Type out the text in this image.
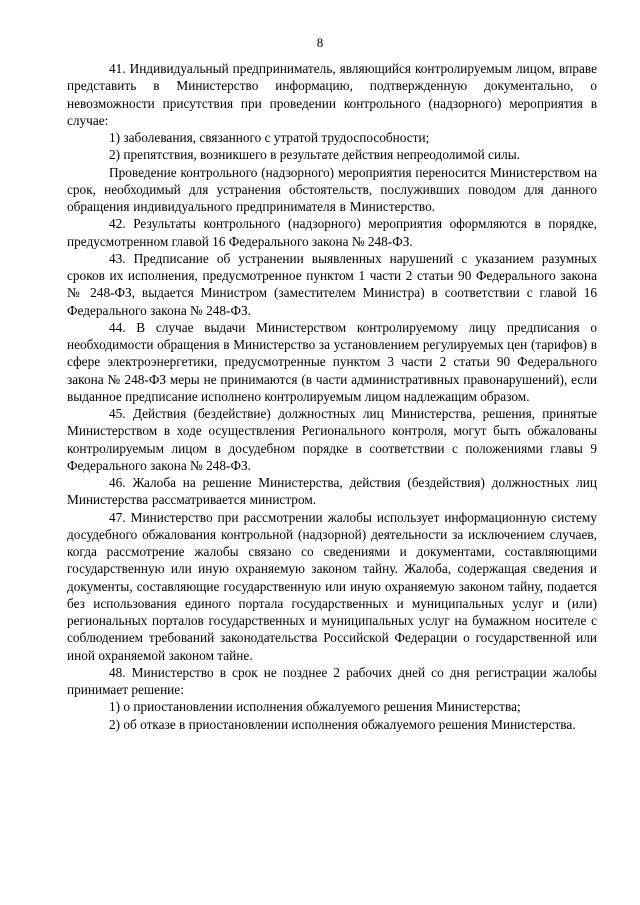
8

41. Индивидуальный предприниматель, являющийся контролируемым лицом, вправе представить в Министерство информацию, подтвержденную документально, о невозможности присутствия при проведении контрольного (надзорного) мероприятия в случае:

1) заболевания, связанного с утратой трудоспособности;

2) препятствия, возникшего в результате действия непреодолимой силы.

Проведение контрольного (надзорного) мероприятия переносится Министерством на срок, необходимый для устранения обстоятельств, послуживших поводом для данного обращения индивидуального предпринимателя в Министерство.

42. Результаты контрольного (надзорного) мероприятия оформляются в порядке, предусмотренном главой 16 Федерального закона № 248-ФЗ.

43. Предписание об устранении выявленных нарушений с указанием разумных сроков их исполнения, предусмотренное пунктом 1 части 2 статьи 90 Федерального закона № 248-ФЗ, выдается Министром (заместителем Министра) в соответствии с главой 16 Федерального закона № 248-ФЗ.

44. В случае выдачи Министерством контролируемому лицу предписания о необходимости обращения в Министерство за установлением регулируемых цен (тарифов) в сфере электроэнергетики, предусмотренные пунктом 3 части 2 статьи 90 Федерального закона № 248-ФЗ меры не принимаются (в части административных правонарушений), если выданное предписание исполнено контролируемым лицом надлежащим образом.

45. Действия (бездействие) должностных лиц Министерства, решения, принятые Министерством в ходе осуществления Регионального контроля, могут быть обжалованы контролируемым лицом в досудебном порядке в соответствии с положениями главы 9 Федерального закона № 248-ФЗ.

46. Жалоба на решение Министерства, действия (бездействия) должностных лиц Министерства рассматривается министром.

47. Министерство при рассмотрении жалобы использует информационную систему досудебного обжалования контрольной (надзорной) деятельности за исключением случаев, когда рассмотрение жалобы связано со сведениями и документами, составляющими государственную или иную охраняемую законом тайну. Жалоба, содержащая сведения и документы, составляющие государственную или иную охраняемую законом тайну, подается без использования единого портала государственных и муниципальных услуг и (или) региональных порталов государственных и муниципальных услуг на бумажном носителе с соблюдением требований законодательства Российской Федерации о государственной или иной охраняемой законом тайне.

48. Министерство в срок не позднее 2 рабочих дней со дня регистрации жалобы принимает решение:

1) о приостановлении исполнения обжалуемого решения Министерства;

2) об отказе в приостановлении исполнения обжалуемого решения Министерства.
